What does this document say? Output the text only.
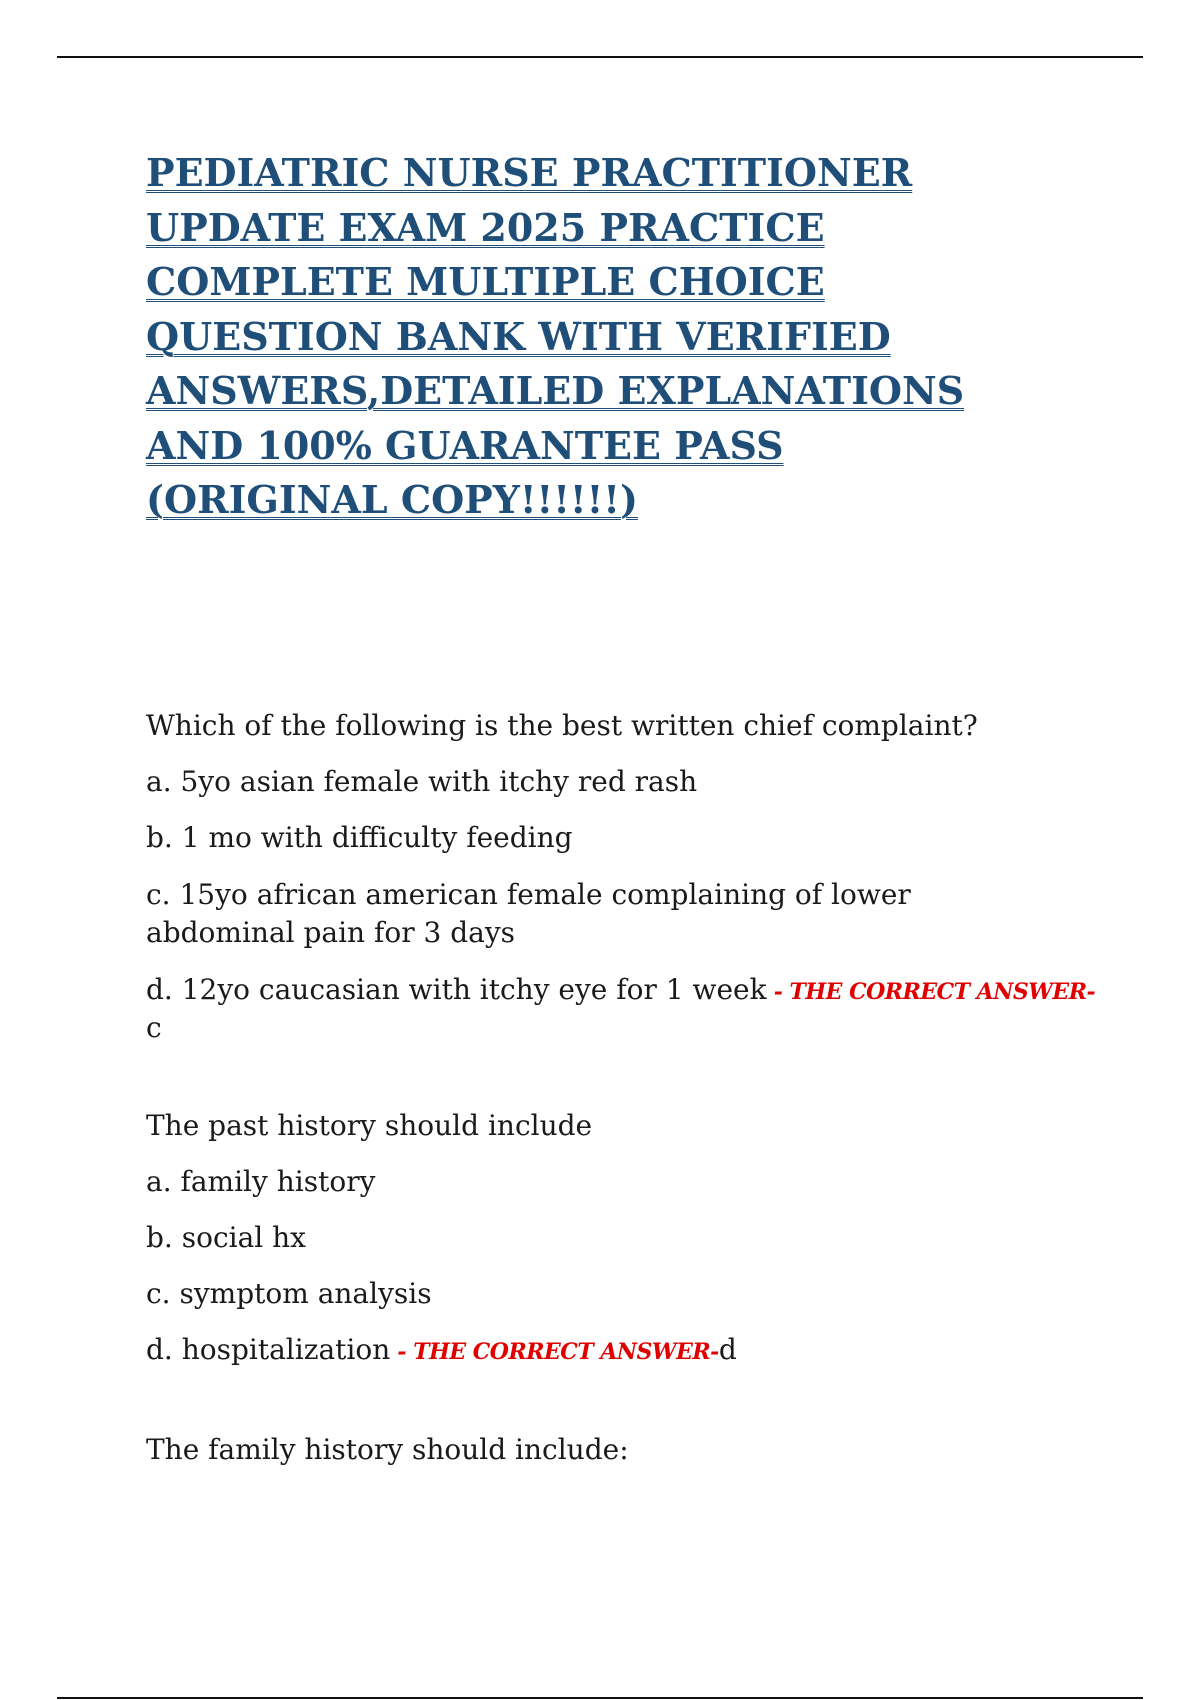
PEDIATRIC NURSE PRACTITIONER UPDATE EXAM 2025 PRACTICE COMPLETE MULTIPLE CHOICE QUESTION BANK WITH VERIFIED ANSWERS,DETAILED EXPLANATIONS AND 100% GUARANTEE PASS (ORIGINAL COPY!!!!!!)

Which of the following is the best written chief complaint?

a. 5yo asian female with itchy red rash

b. 1 mo with difficulty feeding

c. 15yo african american female complaining of lower abdominal pain for 3 days

d. 12yo caucasian with itchy eye for 1 week - THE CORRECT ANSWER-c

The past history should include

a. family history

b. social hx

c. symptom analysis

d. hospitalization - THE CORRECT ANSWER-d

The family history should include:
